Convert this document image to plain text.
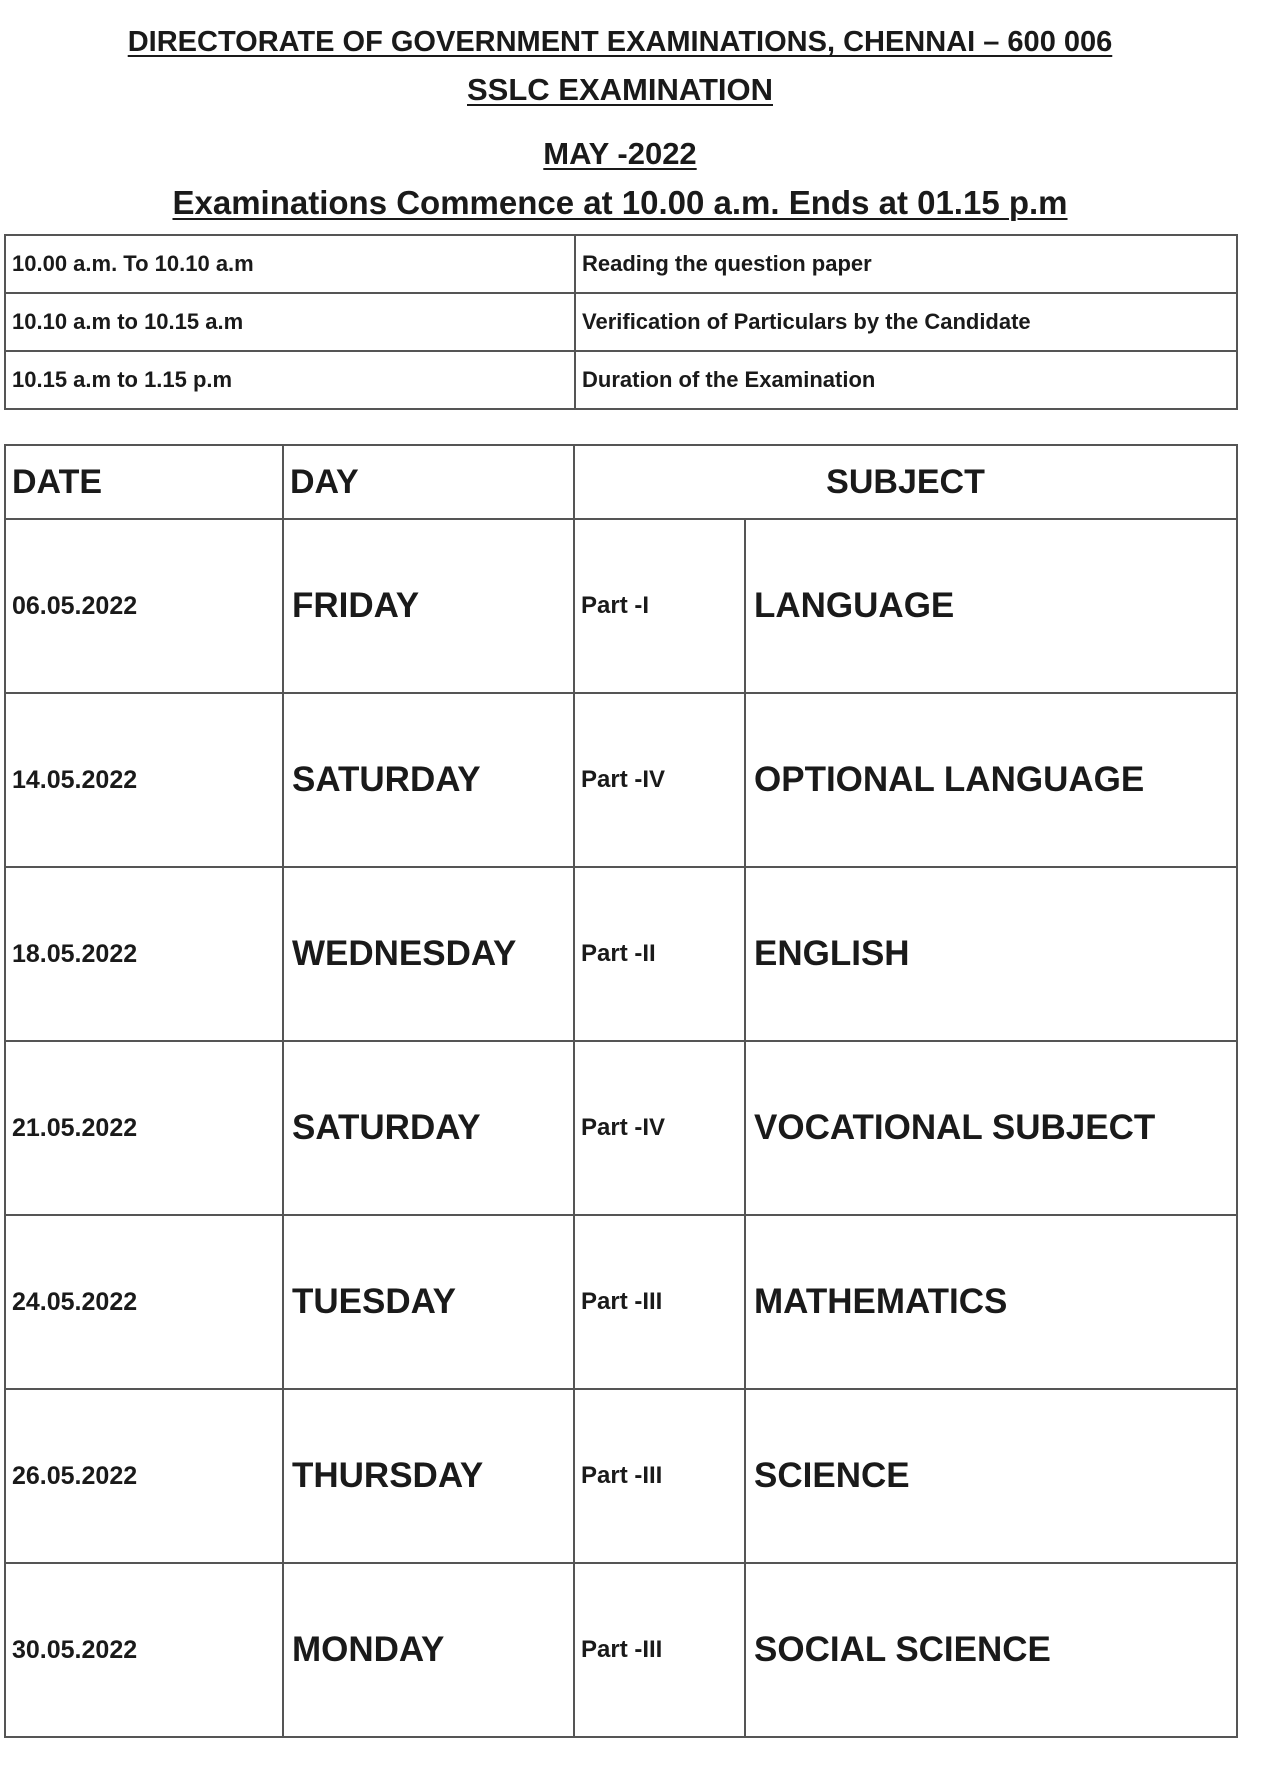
DIRECTORATE OF GOVERNMENT EXAMINATIONS, CHENNAI – 600 006
SSLC EXAMINATION
MAY -2022
Examinations Commence at 10.00 a.m. Ends at 01.15 p.m
10.00 a.m. To 10.10 a.m	Reading the question paper
10.10 a.m to 10.15 a.m	Verification of Particulars by the Candidate
10.15 a.m to 1.15 p.m	Duration of the Examination
DATE	DAY	SUBJECT	
06.05.2022	FRIDAY	Part -I	LANGUAGE
14.05.2022	SATURDAY	Part -IV	OPTIONAL LANGUAGE
18.05.2022	WEDNESDAY	Part -II	ENGLISH
21.05.2022	SATURDAY	Part -IV	VOCATIONAL SUBJECT
24.05.2022	TUESDAY	Part -III	MATHEMATICS
26.05.2022	THURSDAY	Part -III	SCIENCE
30.05.2022	MONDAY	Part -III	SOCIAL SCIENCE
